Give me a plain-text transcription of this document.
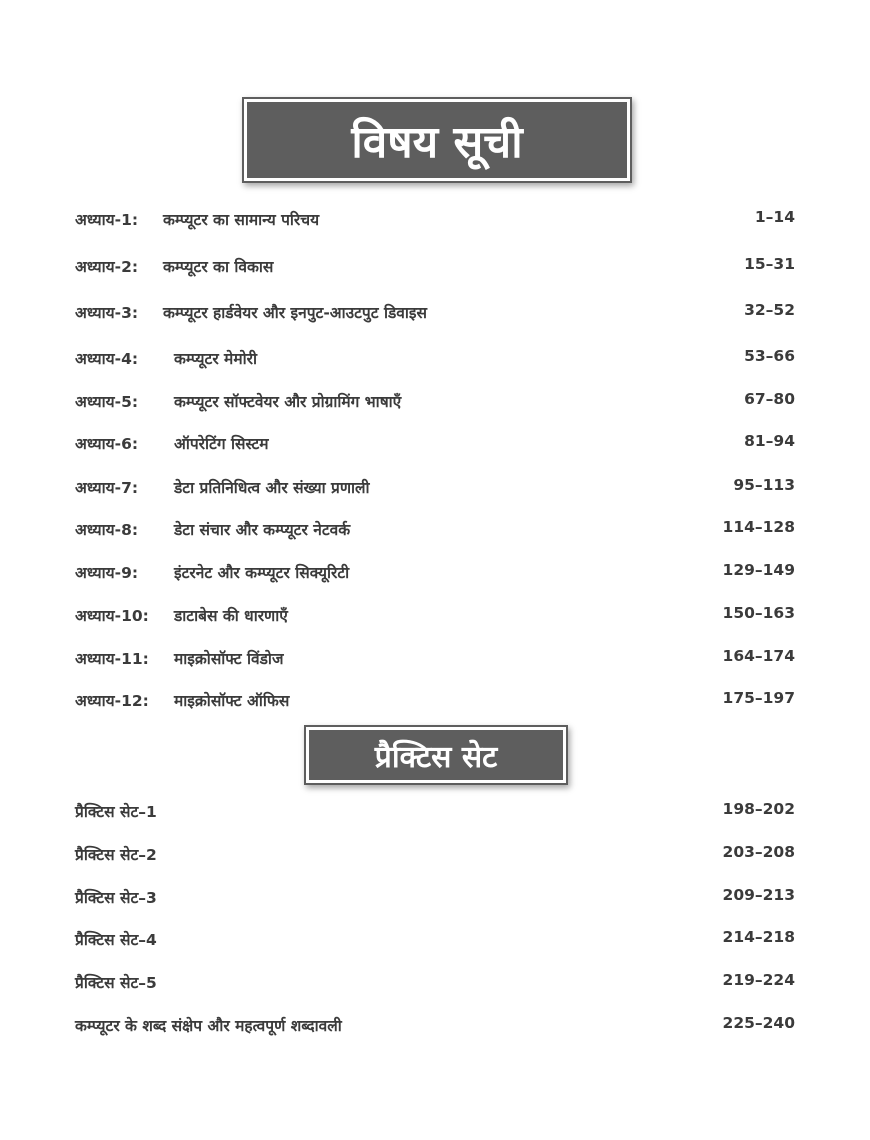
विषय सूची
अध्याय-1: कम्प्यूटर का सामान्य परिचय	1–14
अध्याय-2: कम्प्यूटर का विकास	15–31
अध्याय-3: कम्प्यूटर हार्डवेयर और इनपुट-आउटपुट डिवाइस	32–52
अध्याय-4: कम्प्यूटर मेमोरी	53–66
अध्याय-5: कम्प्यूटर सॉफ्टवेयर और प्रोग्रामिंग भाषाएँ	67–80
अध्याय-6: ऑपरेटिंग सिस्टम	81–94
अध्याय-7: डेटा प्रतिनिधित्व और संख्या प्रणाली	95–113
अध्याय-8: डेटा संचार और कम्प्यूटर नेटवर्क	114–128
अध्याय-9: इंटरनेट और कम्प्यूटर सिक्यूरिटी	129–149
अध्याय-10: डाटाबेस की धारणाएँ	150–163
अध्याय-11: माइक्रोसॉफ्ट विंडोज	164–174
अध्याय-12: माइक्रोसॉफ्ट ऑफिस	175–197
प्रैक्टिस सेट
प्रैक्टिस सेट–1	198–202
प्रैक्टिस सेट–2	203–208
प्रैक्टिस सेट–3	209–213
प्रैक्टिस सेट–4	214–218
प्रैक्टिस सेट–5	219–224
कम्प्यूटर के शब्द संक्षेप और महत्वपूर्ण शब्दावली	225–240
